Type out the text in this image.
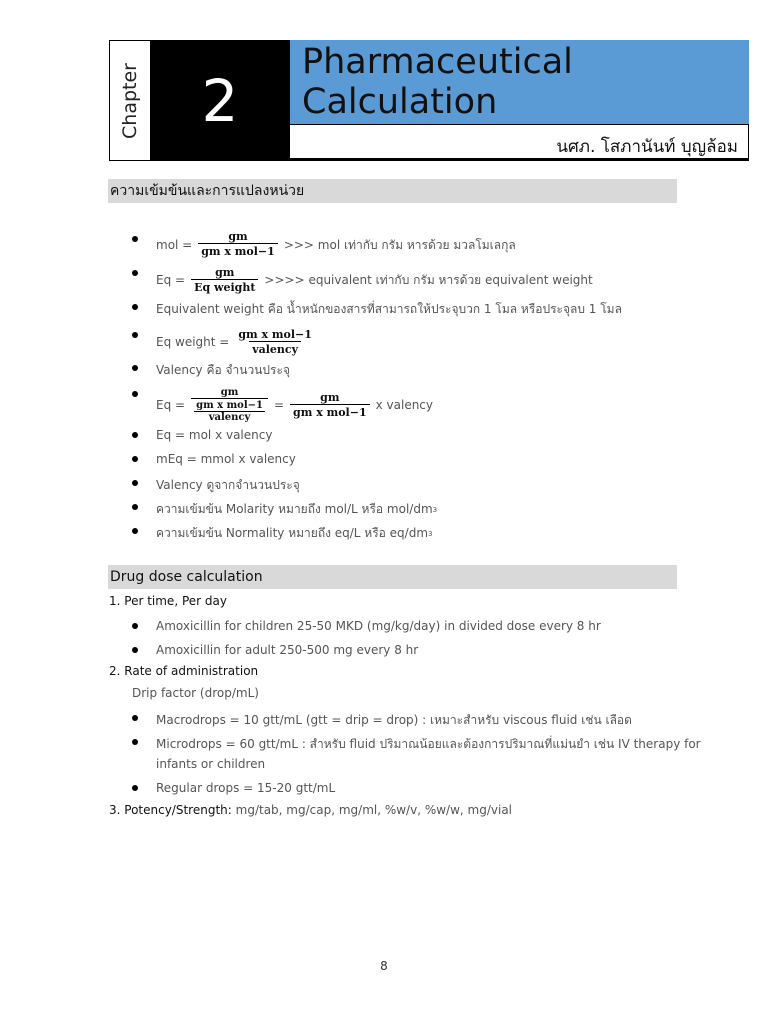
Chapter	2
Pharmaceutical Calculation
นศภ. โสภานันท์ บุญล้อม
ความเข้มข้นและการแปลงหน่วย
mol = $\frac{gm}{\text{gm x mol−1}}$ >>> mol เท่ากับ กรัม หารด้วย มวลโมเลกุล
$Eq = \frac{gm}{\text{Eq weight}}$ >>>> equivalent เท่ากับ กรัม หารด้วย equivalent weight
Equivalent weight คือ น้ำหนักของสารที่สามารถให้ประจุบวก 1 โมล หรือประจุลบ 1 โมล
Eq weight = $\frac{\text{gm x mol−1}}{\text{valency}}$
Valency คือ จำนวนประจุ
Eq = gm
gm x mol−1
valency = $\frac{gm}{\text{gm x mol−1}}$ x valency
Eq = mol x valency
mEq = mmol x valency
Valency ดูจากจำนวนประจุ
ความเข้มข้น Molarity หมายถึง mol/L หรือ mol/dm 3
ความเข้มข้น Normality หมายถึง eq/L หรือ eq/dm 3
Drug dose calculation
1. Per time, Per day
Amoxicillin for children 25-50 MKD (mg/kg/day) in divided dose every 8 hr
Amoxicillin for adult 250-500 mg every 8 hr
2. Rate of administration
Drip factor (drop/mL)
Macrodrops = 10 gtt/mL (gtt = drip = drop) : เหมาะสำหรับ viscous fluid เช่น เลือด
Microdrops = 60 gtt/mL : สำหรับ fluid ปริมาณน้อยและต้องการปริมาณที่แม่นยำ เช่น IV therapy for
infants or children
Regular drops = 15-20 gtt/mL
3. Potency/Strength: mg/tab, mg/cap, mg/ml, %w/v, %w/w, mg/vial
8
